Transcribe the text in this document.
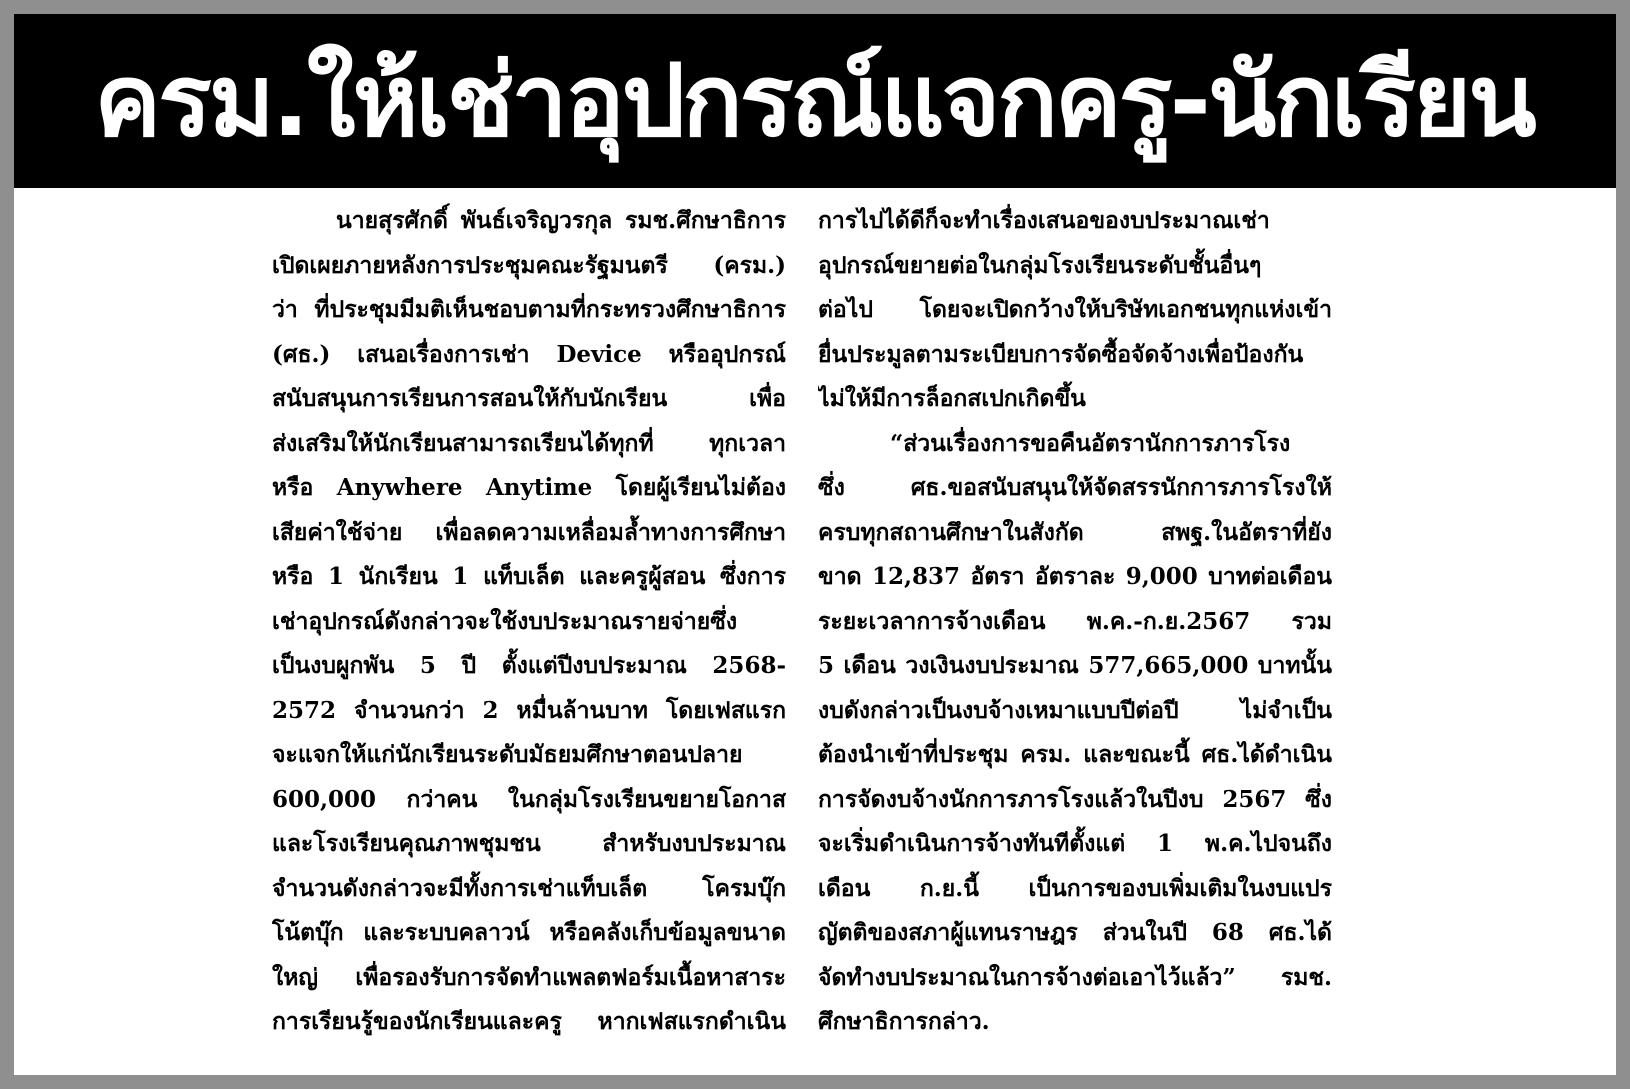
ครม.ให้เช่าอุปกรณ์แจกครู-นักเรียน
นายสุรศักดิ์ พันธ์เจริญวรกุล รมช.ศึกษาธิการ
เปิดเผยภายหลังการประชุมคณะรัฐมนตรี (ครม.)
ว่า ที่ประชุมมีมติเห็นชอบตามที่กระทรวงศึกษาธิการ
(ศธ.) เสนอเรื่องการเช่า Device หรืออุปกรณ์
สนับสนุนการเรียนการสอนให้กับนักเรียน เพื่อ
ส่งเสริมให้นักเรียนสามารถเรียนได้ทุกที่ ทุกเวลา
หรือ Anywhere Anytime โดยผู้เรียนไม่ต้อง
เสียค่าใช้จ่าย เพื่อลดความเหลื่อมล้ำทางการศึกษา
หรือ 1 นักเรียน 1 แท็บเล็ต และครูผู้สอน ซึ่งการ
เช่าอุปกรณ์ดังกล่าวจะใช้งบประมาณรายจ่ายซึ่ง
เป็นงบผูกพัน 5 ปี ตั้งแต่ปีงบประมาณ 2568-
2572 จำนวนกว่า 2 หมื่นล้านบาท โดยเฟสแรก
จะแจกให้แก่นักเรียนระดับมัธยมศึกษาตอนปลาย
600,000 กว่าคน ในกลุ่มโรงเรียนขยายโอกาส
และโรงเรียนคุณภาพชุมชน สำหรับงบประมาณ
จำนวนดังกล่าวจะมีทั้งการเช่าแท็บเล็ต โครมบุ๊ก
โน้ตบุ๊ก และระบบคลาวน์ หรือคลังเก็บข้อมูลขนาด
ใหญ่ เพื่อรองรับการจัดทำแพลตฟอร์มเนื้อหาสาระ
การเรียนรู้ของนักเรียนและครู หากเฟสแรกดำเนิน
การไปได้ดีก็จะทำเรื่องเสนอของบประมาณเช่า
อุปกรณ์ขยายต่อในกลุ่มโรงเรียนระดับชั้นอื่นๆ
ต่อไป โดยจะเปิดกว้างให้บริษัทเอกชนทุกแห่งเข้า
ยื่นประมูลตามระเบียบการจัดซื้อจัดจ้างเพื่อป้องกัน
ไม่ให้มีการล็อกสเปกเกิดขึ้น
“ส่วนเรื่องการขอคืนอัตรานักการภารโรง
ซึ่ง ศธ.ขอสนับสนุนให้จัดสรรนักการภารโรงให้
ครบทุกสถานศึกษาในสังกัด สพฐ.ในอัตราที่ยัง
ขาด 12,837 อัตรา อัตราละ 9,000 บาทต่อเดือน
ระยะเวลาการจ้างเดือน พ.ค.-ก.ย.2567 รวม
5 เดือน วงเงินงบประมาณ 577,665,000 บาทนั้น
งบดังกล่าวเป็นงบจ้างเหมาแบบปีต่อปี ไม่จำเป็น
ต้องนำเข้าที่ประชุม ครม. และขณะนี้ ศธ.ได้ดำเนิน
การจัดงบจ้างนักการภารโรงแล้วในปีงบ 2567 ซึ่ง
จะเริ่มดำเนินการจ้างทันทีตั้งแต่ 1 พ.ค.ไปจนถึง
เดือน ก.ย.นี้ เป็นการของบเพิ่มเติมในงบแปร
ญัตติของสภาผู้แทนราษฎร ส่วนในปี 68 ศธ.ได้
จัดทำงบประมาณในการจ้างต่อเอาไว้แล้ว” รมช.
ศึกษาธิการกล่าว.
